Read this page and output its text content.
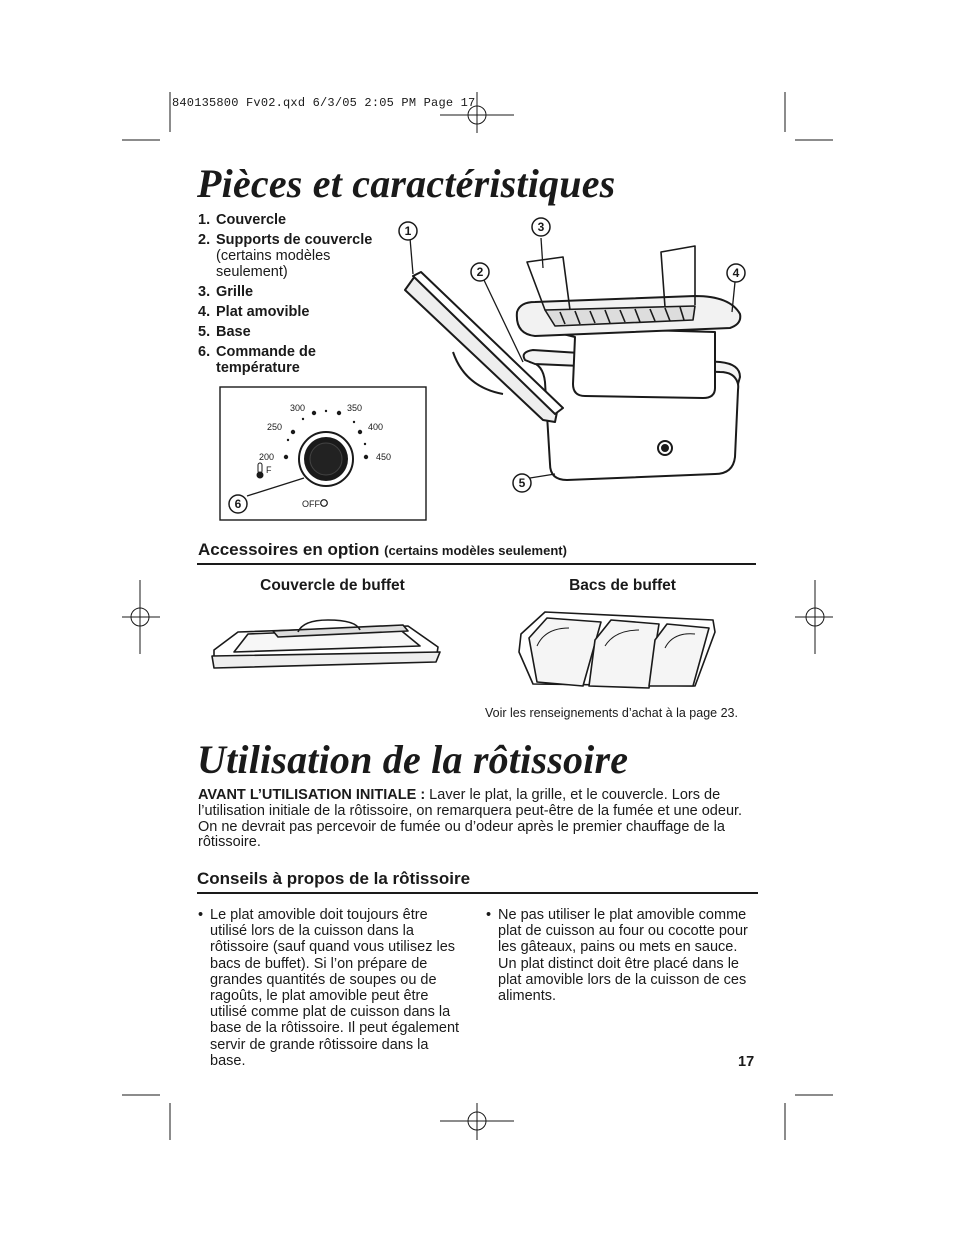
840135800 Fv02.qxd 6/3/05 2:05 PM Page 17
Pièces et caractéristiques
1. Couvercle
2. Supports de couvercle
(certains modèles seulement)
3. Grille
4. Plat amovible
5. Base
6. Commande de température
1
2
3
4
5
200
250
300	350
400
450
F
OFF
6
Accessoires en option (certains modèles seulement)
Couvercle de buffet	Bacs de buffet
Voir les renseignements d’achat à la page 23.
Utilisation de la rôtissoire
AVANT L’UTILISATION INITIALE : Laver le plat, la grille, et le couvercle. Lors de l’utilisation initiale de la rôtissoire, on remarquera peut-être de la fumée et une odeur. On ne devrait pas percevoir de fumée ou d’odeur après le premier chauffage de la rôtissoire.
Conseils à propos de la rôtissoire
• Le plat amovible doit toujours être utilisé lors de la cuisson dans la rôtissoire (sauf quand vous utilisez les bacs de buffet). Si l’on prépare de grandes quantités de soupes ou de ragoûts, le plat amovible peut être utilisé comme plat de cuisson dans la base de la rôtissoire. Il peut également servir de grande rôtissoire dans la base.
• Ne pas utiliser le plat amovible comme plat de cuisson au four ou cocotte pour les gâteaux, pains ou mets en sauce. Un plat distinct doit être placé dans le plat amovible lors de la cuisson de ces aliments.
17
